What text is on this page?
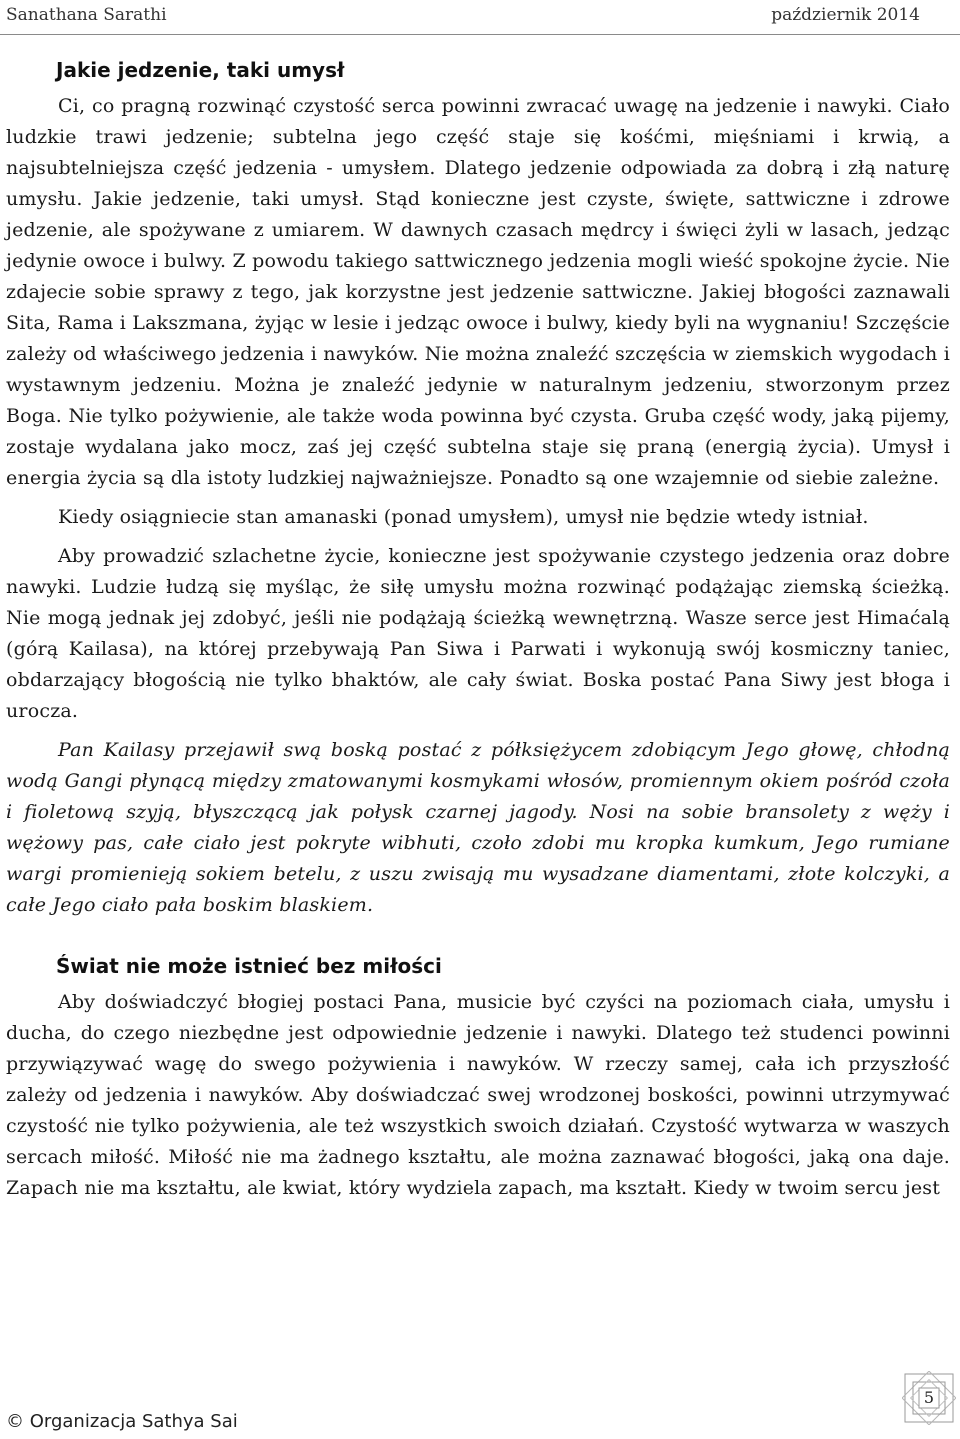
Sanathana Sarathi	październik 2014
Jakie jedzenie, taki umysł

Ci, co pragną rozwinąć czystość serca powinni zwracać uwagę na jedzenie i nawyki. Ciało ludzkie trawi jedzenie; subtelna jego część staje się kośćmi, mięśniami i krwią, a najsubtelniejsza część jedzenia - umysłem. Dlatego jedzenie odpowiada za dobrą i złą naturę umysłu. Jakie jedzenie, taki umysł. Stąd konieczne jest czyste, święte, sattwiczne i zdrowe jedzenie, ale spożywane z umiarem. W dawnych czasach mędrcy i święci żyli w lasach, jedząc jedynie owoce i bulwy. Z powodu takiego sattwicznego jedzenia mogli wieść spokojne życie. Nie zdajecie sobie sprawy z tego, jak korzystne jest jedzenie sattwiczne. Jakiej błogości zaznawali Sita, Rama i Lakszmana, żyjąc w lesie i jedząc owoce i bulwy, kiedy byli na wygnaniu! Szczęście zależy od właściwego jedzenia i nawyków. Nie można znaleźć szczęścia w ziemskich wygodach i wystawnym jedzeniu. Można je znaleźć jedynie w naturalnym jedzeniu, stworzonym przez Boga. Nie tylko pożywienie, ale także woda powinna być czysta. Gruba część wody, jaką pijemy, zostaje wydalana jako mocz, zaś jej część subtelna staje się praną (energią życia). Umysł i energia życia są dla istoty ludzkiej najważniejsze. Ponadto są one wzajemnie od siebie zależne.

Kiedy osiągniecie stan amanaski (ponad umysłem), umysł nie będzie wtedy istniał.

Aby prowadzić szlachetne życie, konieczne jest spożywanie czystego jedzenia oraz dobre nawyki. Ludzie łudzą się myśląc, że siłę umysłu można rozwinąć podążając ziemską ścieżką. Nie mogą jednak jej zdobyć, jeśli nie podążają ścieżką wewnętrzną. Wasze serce jest Himaćalą (górą Kailasa), na której przebywają Pan Siwa i Parwati i wykonują swój kosmiczny taniec, obdarzający błogością nie tylko bhaktów, ale cały świat. Boska postać Pana Siwy jest błoga i urocza.

Pan Kailasy przejawił swą boską postać z półksiężycem zdobiącym Jego głowę, chłodną wodą Gangi płynącą między zmatowanymi kosmykami włosów, promiennym okiem pośród czoła i fioletową szyją, błyszczącą jak połysk czarnej jagody. Nosi na sobie bransolety z węży i wężowy pas, całe ciało jest pokryte wibhuti, czoło zdobi mu kropka kumkum, Jego rumiane wargi promienieją sokiem betelu, z uszu zwisają mu wysadzane diamentami, złote kolczyki, a całe Jego ciało pała boskim blaskiem.

Świat nie może istnieć bez miłości

Aby doświadczyć błogiej postaci Pana, musicie być czyści na poziomach ciała, umysłu i ducha, do czego niezbędne jest odpowiednie jedzenie i nawyki. Dlatego też studenci powinni przywiązywać wagę do swego pożywienia i nawyków. W rzeczy samej, cała ich przyszłość zależy od jedzenia i nawyków. Aby doświadczać swej wrodzonej boskości, powinni utrzymywać czystość nie tylko pożywienia, ale też wszystkich swoich działań. Czystość wytwarza w waszych sercach miłość. Miłość nie ma żadnego kształtu, ale można zaznawać błogości, jaką ona daje. Zapach nie ma kształtu, ale kwiat, który wydziela zapach, ma kształt. Kiedy w twoim sercu jest

© Organizacja Sathya Sai
5
